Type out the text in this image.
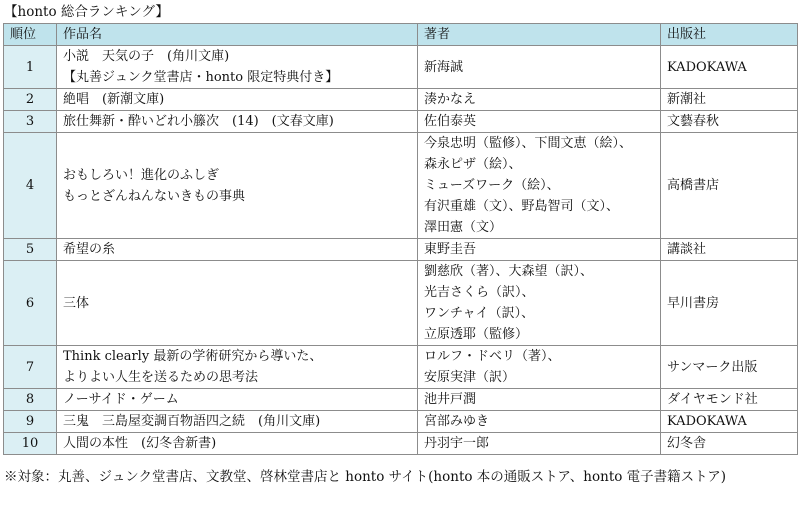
【honto 総合ランキング】
順位	作品名	著者	出版社
1	小説　天気の子　(角川文庫)
【丸善ジュンク堂書店・honto 限定特典付き】	新海誠	KADOKAWA
2	絶唱　(新潮文庫)	湊かなえ	新潮社
3	旅仕舞新・酔いどれ小籐次　(14)　(文春文庫)	佐伯泰英	文藝春秋
4	おもしろい！進化のふしぎ
もっとざんねんないきもの事典	今泉忠明（監修）、下間文恵（絵）、
森永ピザ（絵）、
ミューズワーク（絵）、
有沢重雄（文）、野島智司（文）、
澤田憲（文）	高橋書店
5	希望の糸	東野圭吾	講談社
6	三体	劉慈欣（著）、大森望（訳）、
光吉さくら（訳）、
ワンチャイ（訳）、
立原透耶（監修）	早川書房
7	Think clearly 最新の学術研究から導いた、
よりよい人生を送るための思考法	ロルフ・ドベリ（著）、
安原実津（訳）	サンマーク出版
8	ノーサイド・ゲーム	池井戸潤	ダイヤモンド社
9	三鬼　三島屋変調百物語四之続　(角川文庫)	宮部みゆき	KADOKAWA
10	人間の本性　(幻冬舎新書)	丹羽宇一郎	幻冬舎
※対象：丸善、ジュンク堂書店、文教堂、啓林堂書店と honto サイト(honto 本の通販ストア、honto 電子書籍ストア)
